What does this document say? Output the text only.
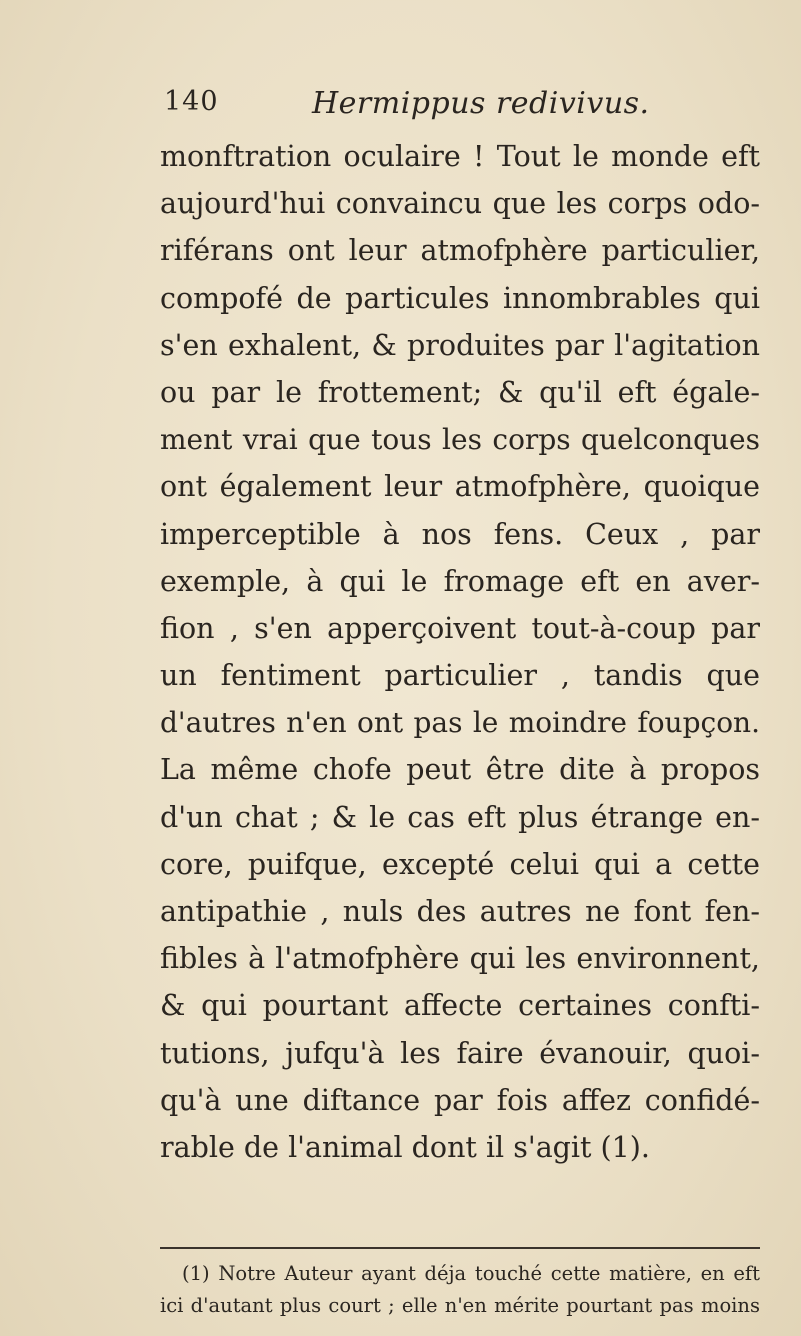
140	Hermippus redivivus.
monftration oculaire ! Tout le monde eft
aujourd'hui convaincu que les corps odo-
riférans ont leur atmofphère particulier,
compofé de particules innombrables qui
s'en exhalent, & produites par l'agitation
ou par le frottement; & qu'il eft égale-
ment vrai que tous les corps quelconques
ont également leur atmofphère, quoique
imperceptible à nos fens. Ceux , par
exemple, à qui le fromage eft en aver-
fion , s'en apperçoivent tout-à-coup par
un fentiment particulier , tandis que
d'autres n'en ont pas le moindre foupçon.
La même chofe peut être dite à propos
d'un chat ; & le cas eft plus étrange en-
core, puifque, excepté celui qui a cette
antipathie , nuls des autres ne font fen-
fibles à l'atmofphère qui les environnent,
& qui pourtant affecte certaines confti-
tutions, jufqu'à les faire évanouir, quoi-
qu'à une diftance par fois affez confidé-
rable de l'animal dont il s'agit (1).
(1) Notre Auteur ayant déja touché cette matière, en eft
ici d'autant plus court ; elle n'en mérite pourtant pas moins
